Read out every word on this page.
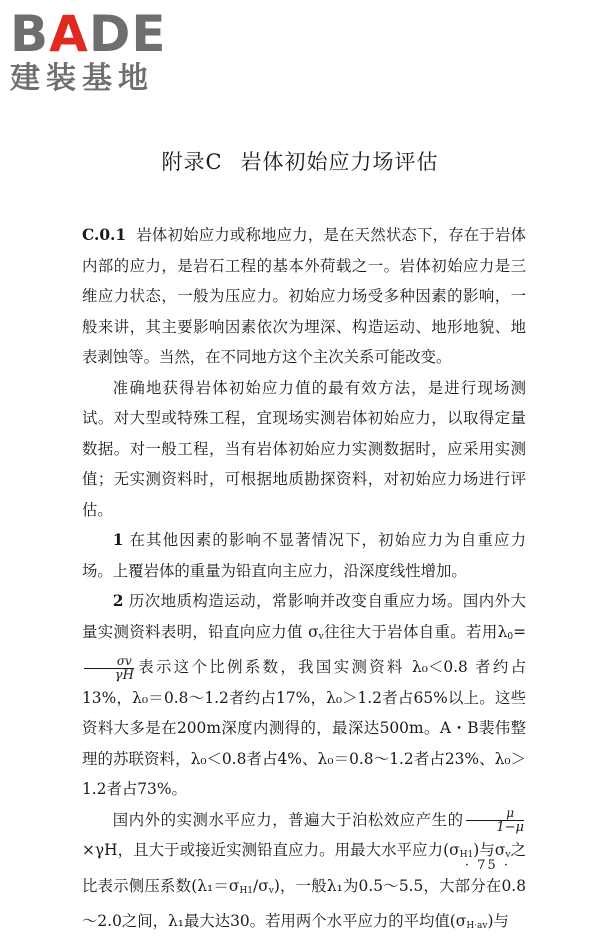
BADE
建装基地
附录C 岩体初始应力场评估

C.0.1 岩体初始应力或称地应力，是在天然状态下，存在于岩体内部的应力，是岩石工程的基本外荷载之一。岩体初始应力是三维应力状态，一般为压应力。初始应力场受多种因素的影响，一般来讲，其主要影响因素依次为埋深、构造运动、地形地貌、地表剥蚀等。当然，在不同地方这个主次关系可能改变。

准确地获得岩体初始应力值的最有效方法，是进行现场测试。对大型或特殊工程，宜现场实测岩体初始应力，以取得定量数据。对一般工程，当有岩体初始应力实测数据时，应采用实测值；无实测资料时，可根据地质勘探资料，对初始应力场进行评估。

1 在其他因素的影响不显著情况下，初始应力为自重应力场。上覆岩体的重量为铅直向主应力，沿深度线性增加。

2 历次地质构造运动，常影响并改变自重应力场。国内外大量实测资料表明，铅直向应力值 $\sigma_v$往往大于岩体自重。若用$\lambda_0=$
$\frac{\sigma v}{\gamma H}$ 表示这个比例系数，我国实测资料 λ₀＜0.8 者约占13%，λ₀＝0.8～1.2者约占17%，λ₀＞1.2者占65%以上。这些资料大多是在200m深度内测得的，最深达500m。A・B裴伟整理的苏联资料，λ₀＜0.8者占4%、λ₀＝0.8～1.2者占23%、λ₀＞1.2者占73%。

国内外的实测水平应力，普遍大于泊松效应产生的 $\frac{\mu}{1-\mu}$
×γH，且大于或接近实测铅直应力。用最大水平应力$(\sigma_{H1})$与$\sigma_v$之比表示侧压系数$(\lambda_1=\sigma_{H1}/\sigma_v)$，一般λ₁为0.5～5.5，大部分在0.8～2.0之间，λ₁最大达30。若用两个水平应力的平均值$(\sigma_{H\cdot av})$与

· 75 ·
